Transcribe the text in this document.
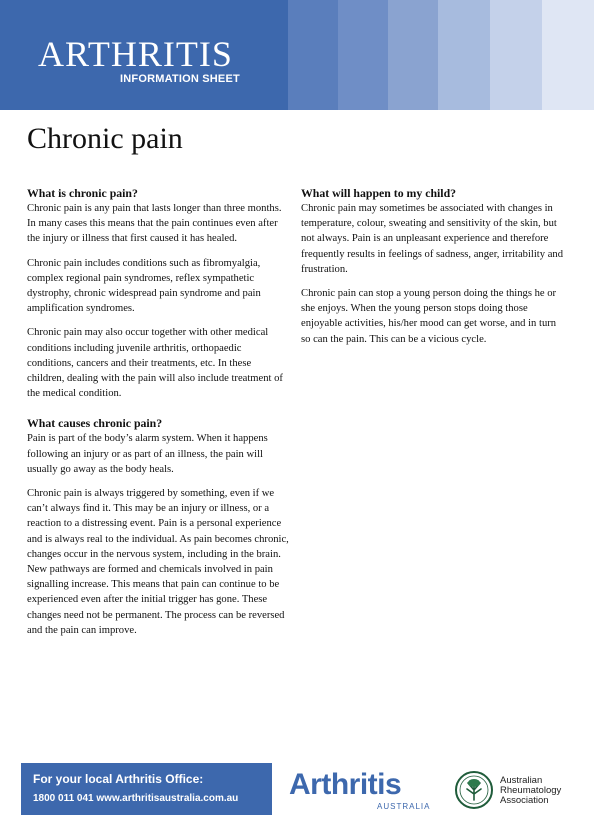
ARTHRITIS
INFORMATION SHEET
Chronic pain
What is chronic pain?

Chronic pain is any pain that lasts longer than three months. In many cases this means that the pain continues even after the injury or illness that first caused it has healed.

Chronic pain includes conditions such as fibromyalgia, complex regional pain syndromes, reflex sympathetic dystrophy, chronic widespread pain syndrome and pain amplification syndromes.

Chronic pain may also occur together with other medical conditions including juvenile arthritis, orthopaedic conditions, cancers and their treatments, etc. In these children, dealing with the pain will also include treatment of the medical condition.

What causes chronic pain?

Pain is part of the body’s alarm system. When it happens following an injury or as part of an illness, the pain will usually go away as the body heals.

Chronic pain is always triggered by something, even if we can’t always find it. This may be an injury or illness, or a reaction to a distressing event. Pain is a personal experience and is always real to the individual. As pain becomes chronic, changes occur in the nervous system, including in the brain. New pathways are formed and chemicals involved in pain signalling increase. This means that pain can continue to be experienced even after the initial trigger has gone. These changes need not be permanent. The process can be reversed and the pain can improve.

What will happen to my child?

Chronic pain may sometimes be associated with changes in temperature, colour, sweating and sensitivity of the skin, but not always. Pain is an unpleasant experience and therefore frequently results in feelings of sadness, anger, irritability and frustration.

Chronic pain can stop a young person doing the things he or she enjoys. When the young person stops doing those enjoyable activities, his/her mood can get worse, and in turn so can the pain. This can be a vicious cycle.

For your local Arthritis Office:
1800 011 041 www.arthritisaustralia.com.au Arthritis
AUSTRALIA
Australian
Rheumatology
Association
